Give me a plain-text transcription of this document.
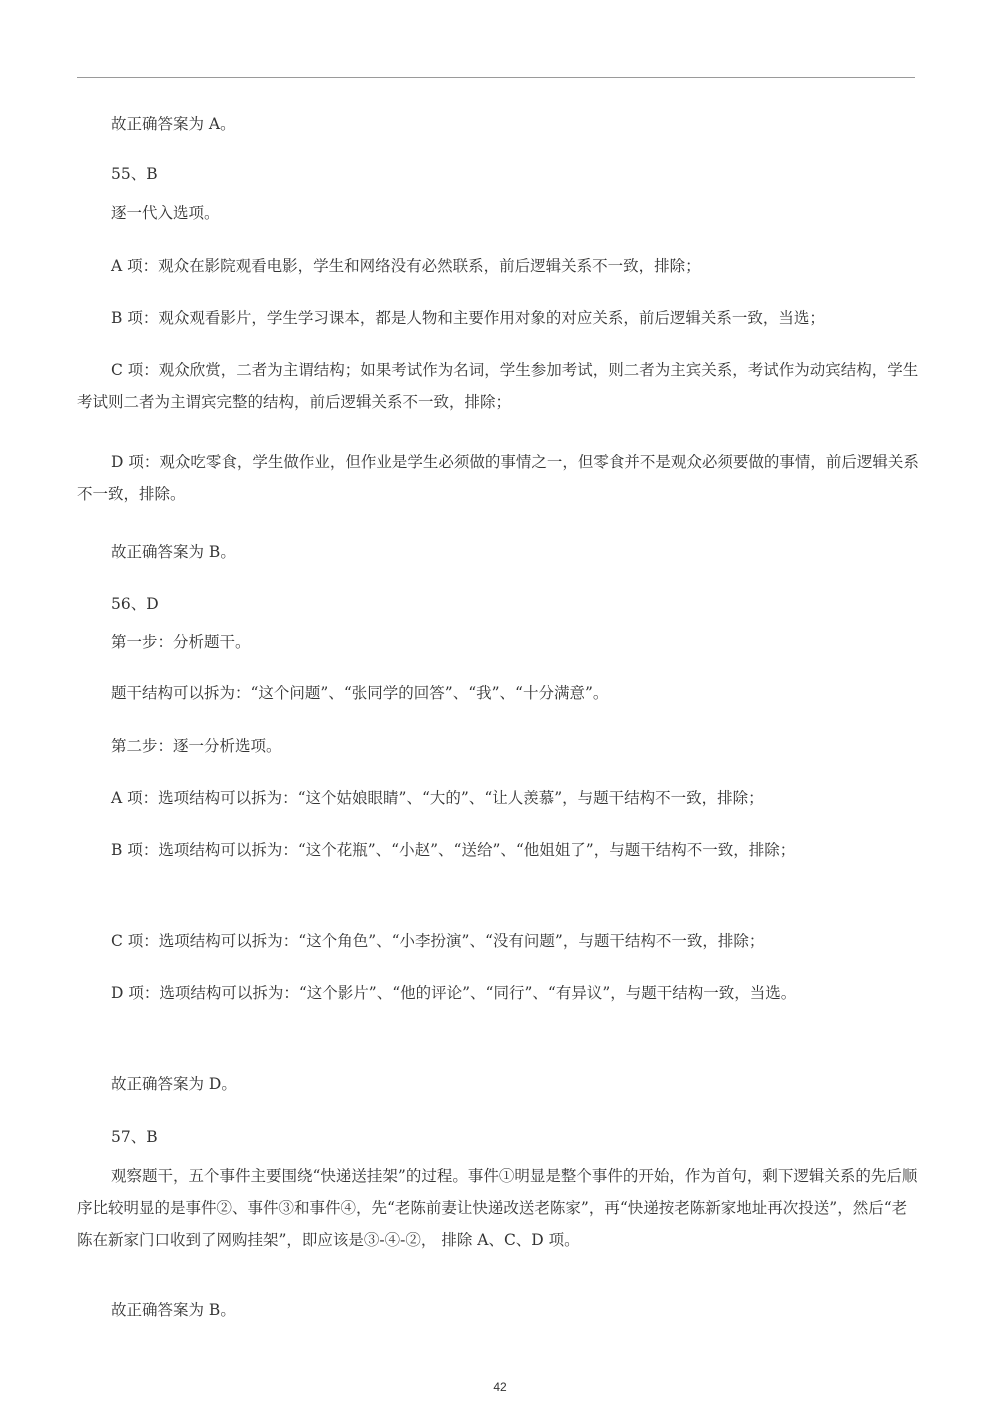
故正确答案为 A。

55、B

逐一代入选项。

A 项：观众在影院观看电影，学生和网络没有必然联系，前后逻辑关系不一致，排除；

B 项：观众观看影片，学生学习课本，都是人物和主要作用对象的对应关系，前后逻辑关系一致，当选；

C 项：观众欣赏，二者为主谓结构；如果考试作为名词，学生参加考试，则二者为主宾关系，考试作为动宾结构，学生考试则二者为主谓宾完整的结构，前后逻辑关系不一致，排除；

D 项：观众吃零食，学生做作业，但作业是学生必须做的事情之一，但零食并不是观众必须要做的事情，前后逻辑关系不一致，排除。

故正确答案为 B。

56、D

第一步：分析题干。

题干结构可以拆为：“这个问题”、“张同学的回答”、“我”、“十分满意”。

第二步：逐一分析选项。

A 项：选项结构可以拆为：“这个姑娘眼睛”、“大的”、“让人羡慕”，与题干结构不一致，排除；

B 项：选项结构可以拆为：“这个花瓶”、“小赵”、“送给”、“他姐姐了”，与题干结构不一致，排除；

C 项：选项结构可以拆为：“这个角色”、“小李扮演”、“没有问题”，与题干结构不一致，排除；

D 项：选项结构可以拆为：“这个影片”、“他的评论”、“同行”、“有异议”，与题干结构一致，当选。

故正确答案为 D。

57、B

观察题干，五个事件主要围绕“快递送挂架”的过程。事件①明显是整个事件的开始，作为首句，剩下逻辑关系的先后顺序比较明显的是事件②、事件③和事件④，先“老陈前妻让快递改送老陈家”，再“快递按老陈新家地址再次投送”，然后“老陈在新家门口收到了网购挂架”，即应该是③-④-②， 排除 A、C、D 项。

故正确答案为 B。

42
